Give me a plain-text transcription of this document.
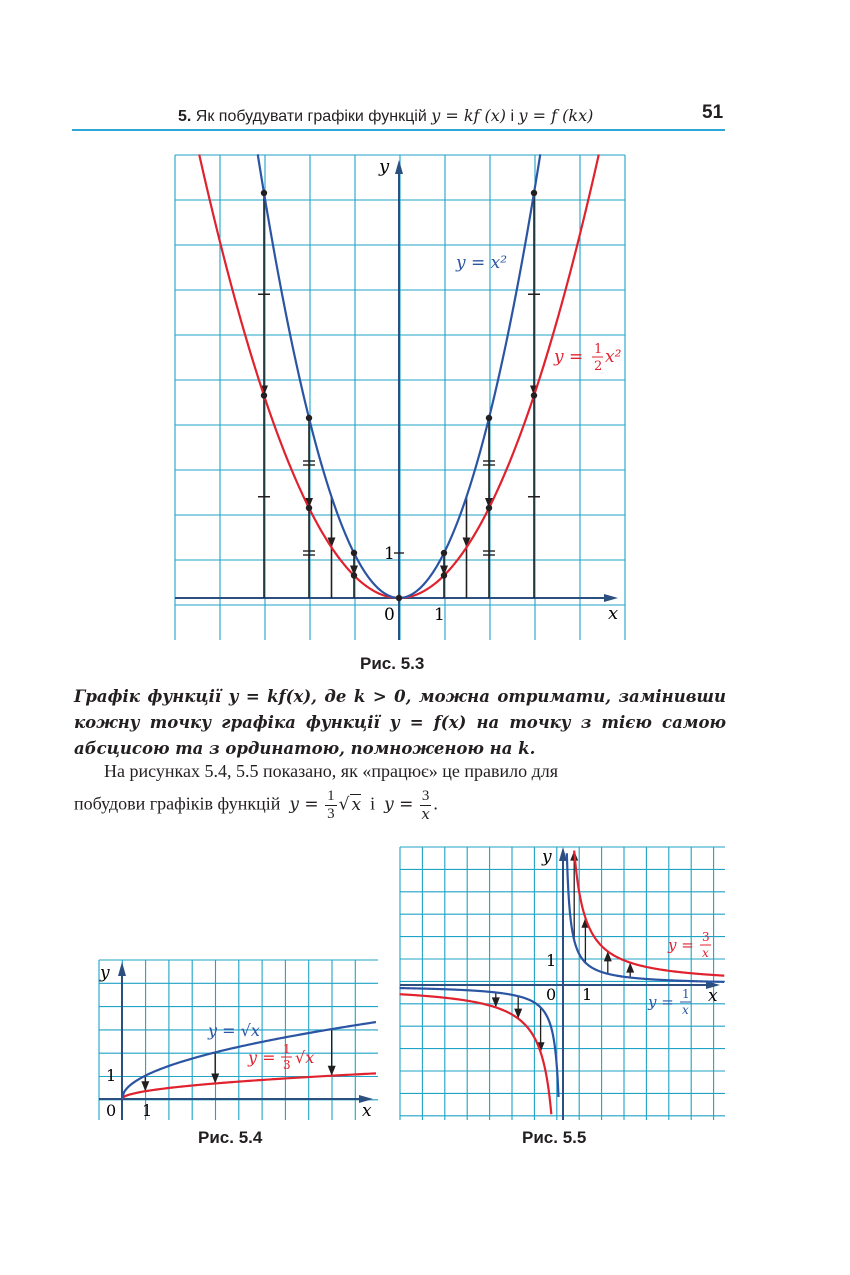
5. Як побудувати графіки функцій y = kf (x) і y = f (kx)	51
y
x
0 1
1
y = x²
y = 1
2 x²
Рис. 5.3
Графік функції y = kf(x), де k > 0, можна отримати, замінивши кожну точку графіка функції y = f(x) на точку з тією самою абсцисою та з ординатою, помноженою на k.
На рисунках 5.4, 5.5 показано, як «працює» це правило для
побудови графіків функцій $y = \frac{1}{3}$ √ x і $y = \frac{3}{x}$ .
y
x
0 1
1
y = √x
y = 1
3 √x
Рис. 5.4
y
x
0 1
1
y = 3
x
y = 1
x
Рис. 5.5
